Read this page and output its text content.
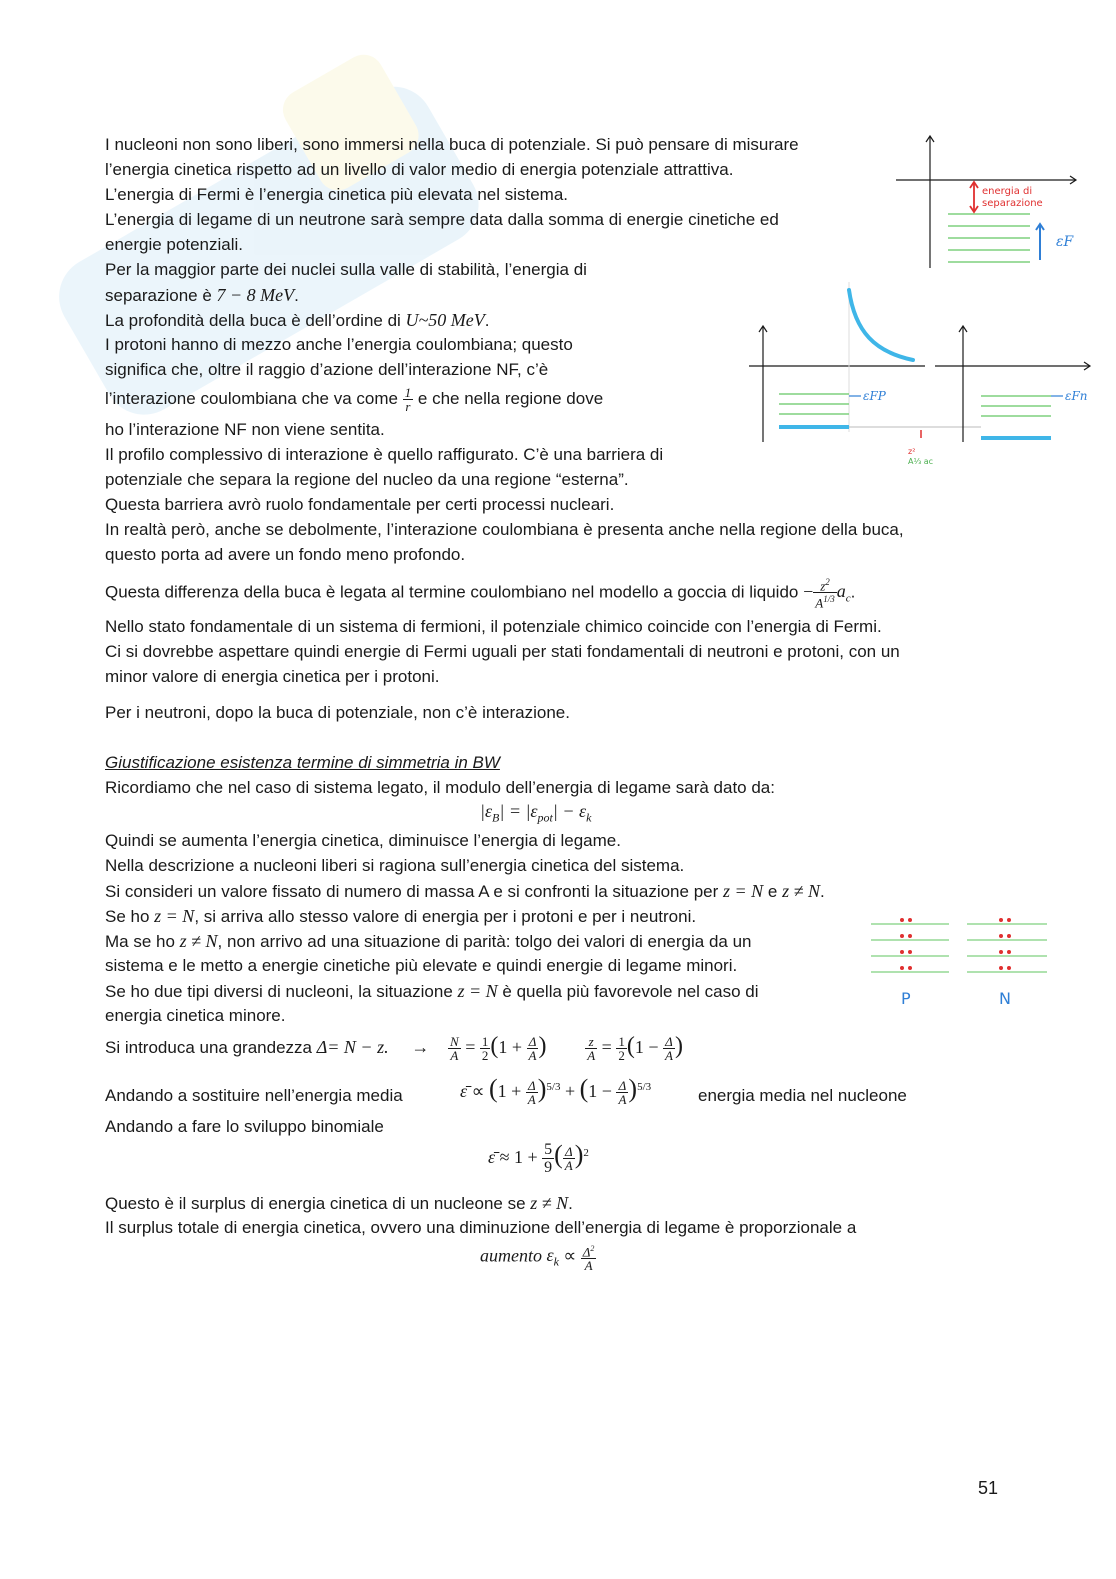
I nucleoni non sono liberi, sono immersi nella buca di potenziale. Si può pensare di misurare
l’energia cinetica rispetto ad un livello di valor medio di energia potenziale attrattiva.
L’energia di Fermi è l’energia cinetica più elevata nel sistema.
L’energia di legame di un neutrone sarà sempre data dalla somma di energie cinetiche ed
energie potenziali.
Per la maggior parte dei nuclei sulla valle di stabilità, l’energia di
separazione è 7 − 8 MeV.
La profondità della buca è dell’ordine di U~50 MeV.
I protoni hanno di mezzo anche l’energia coulombiana; questo
significa che, oltre il raggio d’azione dell’interazione NF, c’è
l’interazione coulombiana che va come $\frac{1}{r}$ e che nella regione dove
ho l’interazione NF non viene sentita.
Il profilo complessivo di interazione è quello raffigurato. C’è una barriera di
potenziale che separa la regione del nucleo da una regione “esterna”.
Questa barriera avrò ruolo fondamentale per certi processi nucleari.
In realtà però, anche se debolmente, l’interazione coulombiana è presenta anche nella regione della buca,
questo porta ad avere un fondo meno profondo.
Questa differenza della buca è legata al termine coulombiano nel modello a goccia di liquido − $\frac{z^2}{A^{1/3}} a_c$.
Nello stato fondamentale di un sistema di fermioni, il potenziale chimico coincide con l’energia di Fermi.
Ci si dovrebbe aspettare quindi energie di Fermi uguali per stati fondamentali di neutroni e protoni, con un
minor valore di energia cinetica per i protoni.
Per i neutroni, dopo la buca di potenziale, non c’è interazione.
Giustificazione esistenza termine di simmetria in BW
Ricordiamo che nel caso di sistema legato, il modulo dell’energia di legame sarà dato da:
$|\varepsilon_B| = |\varepsilon_{pot}| - \varepsilon_k$
Quindi se aumenta l’energia cinetica, diminuisce l’energia di legame.
Nella descrizione a nucleoni liberi si ragiona sull’energia cinetica del sistema.
Si consideri un valore fissato di numero di massa A e si confronti la situazione per z = N e z ≠ N.
Se ho z = N, si arriva allo stesso valore di energia per i protoni e per i neutroni.
Ma se ho z ≠ N, non arrivo ad una situazione di parità: tolgo dei valori di energia da un
sistema e le metto a energie cinetiche più elevate e quindi energie di legame minori.
Se ho due tipi diversi di nucleoni, la situazione z = N è quella più favorevole nel caso di
energia cinetica minore.
Si introduca una grandezza Δ= N − z. → $\frac{N}{A} = \frac{1}{2} (1 + \frac{\Delta}{A}$ )	$\frac{z}{A} = \frac{1}{2} (1 - \frac{\Delta}{A}$ )
Andando a sostituire nell’energia media	ε̄ ∝ $(1 + \frac{\Delta}{A} )^{5/3} + (1 - \frac{\Delta}{A} )^{5/3}$	energia media nel nucleone
Andando a fare lo sviluppo binomiale
ε̄ ≈ $1 + \frac{5}{9}$ ( $\frac{\Delta}{A} )^2$
Questo è il surplus di energia cinetica di un nucleone se z ≠ N.
Il surplus totale di energia cinetica, ovvero una diminuzione dell’energia di legame è proporzionale a
aumento $\varepsilon_k \propto \frac{\Delta^2}{A}$
energia di
separazione
εF
εFP
z²
A⅓ ac
εFn
P	N
51
